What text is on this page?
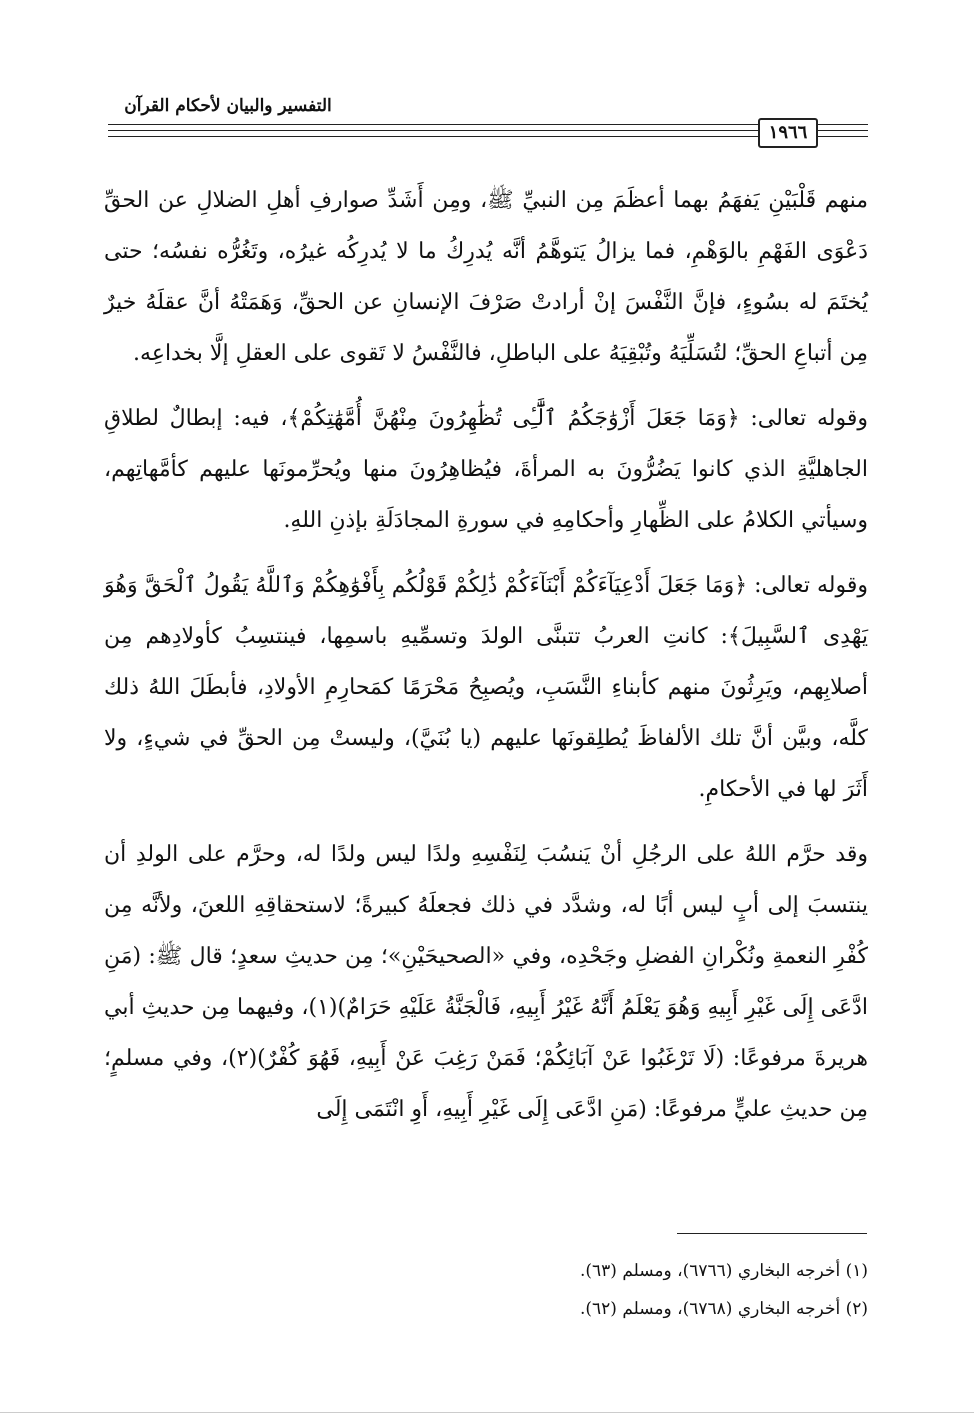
التفسير والبيان لأحكام القرآن
١٩٦٦

منهم قَلْبَيْنِ يَفهَمُ بهما أعظَمَ مِن النبيِّ ﷺ، ومِن أَشَدِّ صوارفِ أهلِ الضلالِ عن الحقِّ دَعْوَى الفَهْمِ بالوَهْمِ، فما يزالُ يَتوهَّمُ أنَّه يُدرِكُ ما لا يُدرِكُه غيرُه، وتَغُرُّه نفسُه؛ حتى يُختَمَ له بسُوءٍ، فإنَّ النَّفْسَ إنْ أرادتْ صَرْفَ الإنسانِ عن الحقِّ، وَهَمَتْهُ أنَّ عقلَهُ خيرٌ مِن أتباعِ الحقِّ؛ لتُسَلِّيَهُ وتُبْقِيَهُ على الباطلِ، فالنَّفْسُ لا تَقوى على العقلِ إلَّا بخداعِه.

وقوله تعالى: ﴿وَمَا جَعَلَ أَزْوَٰجَكُمُ ٱلَّٰٓـِٔى تُظَٰهِرُونَ مِنْهُنَّ أُمَّهَٰتِكُمْ﴾، فيه: إبطالٌ لطلاقِ الجاهليَّةِ الذي كانوا يَضُرُّونَ به المرأةَ، فيُظاهِرُونَ منها ويُحرِّمونَها عليهم كأمَّهاتِهم، وسيأتي الكلامُ على الظِّهارِ وأحكامِهِ في سورةِ المجادَلَةِ بإذنِ اللهِ.

وقوله تعالى: ﴿وَمَا جَعَلَ أَدْعِيَآءَكُمْ أَبْنَآءَكُمْ ذَٰلِكُمْ قَوْلُكُم بِأَفْوَٰهِكُمْ وَٱللَّهُ يَقُولُ ٱلْحَقَّ وَهُوَ يَهْدِى ٱلسَّبِيلَ﴾: كانتِ العربُ تتبنَّى الولدَ وتسمِّيهِ باسمِها، فينتسِبُ كأولادِهم مِن أصلابِهم، ويَرِثُونَ منهم كأبناءِ النَّسَبِ، ويُصبِحُ مَحْرَمًا كمَحارِمِ الأولادِ، فأبطَلَ اللهُ ذلك كلَّه، وبيَّن أنَّ تلك الألفاظَ يُطلِقونَها عليهم (يا بُنَيَّ)، وليستْ مِن الحقِّ في شيءٍ، ولا أَثَرَ لها في الأحكامِ.

وقد حرَّم اللهُ على الرجُلِ أنْ يَنسُبَ لِنَفْسِهِ ولدًا ليس ولدًا له، وحرَّم على الولدِ أن ينتسبَ إلى أبٍ ليس أبًا له، وشدَّد في ذلك فجعلَهُ كبيرةً؛ لاستحقاقِهِ اللعنَ، ولأنَّه مِن كُفْرِ النعمةِ ونُكْرانِ الفضلِ وجَحْدِه، وفي «الصحيحَيْنِ»؛ مِن حديثِ سعدٍ؛ قال ﷺ: (مَنِ ادَّعَى إِلَى غَيْرِ أَبِيهِ وَهُوَ يَعْلَمُ أَنَّهُ غَيْرُ أَبِيهِ، فَالْجَنَّةُ عَلَيْهِ حَرَامٌ)(١)، وفيهما مِن حديثِ أبي هريرةَ مرفوعًا: (لَا تَرْغَبُوا عَنْ آبَائِكُمْ؛ فَمَنْ رَغِبَ عَنْ أَبِيهِ، فَهُوَ كُفْرٌ)(٢)، وفي مسلمٍ؛ مِن حديثِ عليٍّ مرفوعًا: (مَنِ ادَّعَى إِلَى غَيْرِ أَبِيهِ، أَوِ انْتَمَى إِلَى

(١) أخرجه البخاري (٦٧٦٦)، ومسلم (٦٣).

(٢) أخرجه البخاري (٦٧٦٨)، ومسلم (٦٢).
